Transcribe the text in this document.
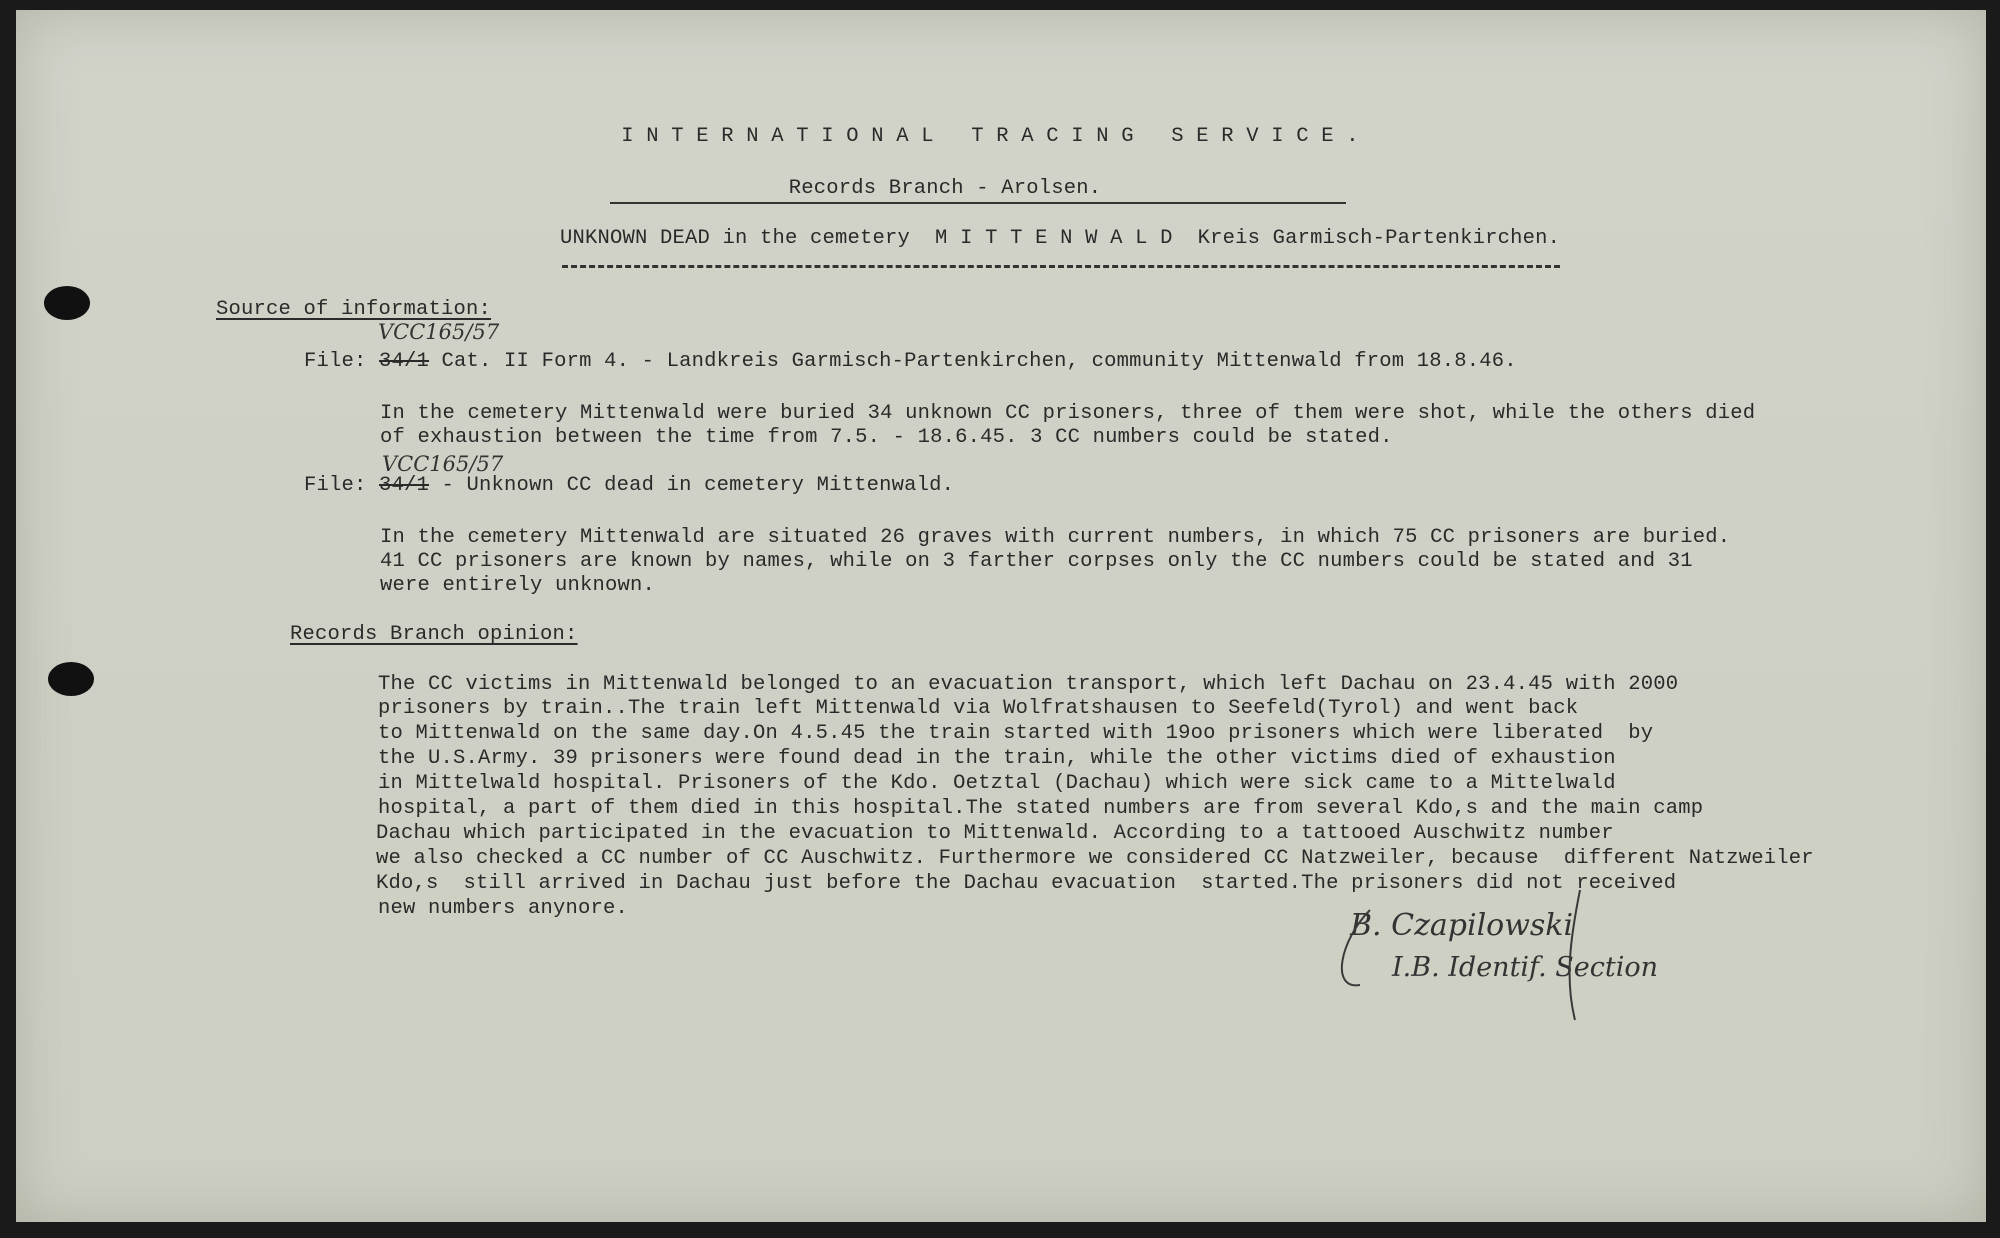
I N T E R N A T I O N A L   T R A C I N G   S E R V I C E .
Records Branch - Arolsen.
UNKNOWN DEAD in the cemetery  M I T T E N W A L D  Kreis Garmisch-Partenkirchen.
Source of information:
VCC165/57
File: 34/1 Cat. II Form 4. - Landkreis Garmisch-Partenkirchen, community Mittenwald from 18.8.46.
In the cemetery Mittenwald were buried 34 unknown CC prisoners, three of them were shot, while the others died
of exhaustion between the time from 7.5. - 18.6.45. 3 CC numbers could be stated.
VCC165/57
File: 34/1 - Unknown CC dead in cemetery Mittenwald.
In the cemetery Mittenwald are situated 26 graves with current numbers, in which 75 CC prisoners are buried.
41 CC prisoners are known by names, while on 3 farther corpses only the CC numbers could be stated and 31
were entirely unknown.
Records Branch opinion:
The CC victims in Mittenwald belonged to an evacuation transport, which left Dachau on 23.4.45 with 2000
prisoners by train..The train left Mittenwald via Wolfratshausen to Seefeld(Tyrol) and went back
to Mittenwald on the same day.On 4.5.45 the train started with 19oo prisoners which were liberated  by
the U.S.Army. 39 prisoners were found dead in the train, while the other victims died of exhaustion
in Mittelwald hospital. Prisoners of the Kdo. Oetztal (Dachau) which were sick came to a Mittelwald
hospital, a part of them died in this hospital.The stated numbers are from several Kdo,s and the main camp
Dachau which participated in the evacuation to Mittenwald. According to a tattooed Auschwitz number
we also checked a CC number of CC Auschwitz. Furthermore we considered CC Natzweiler, because  different Natzweiler
Kdo,s  still arrived in Dachau just before the Dachau evacuation  started.The prisoners did not received
new numbers anynore.	B. Czapilowski
I.B. Identif. Section
